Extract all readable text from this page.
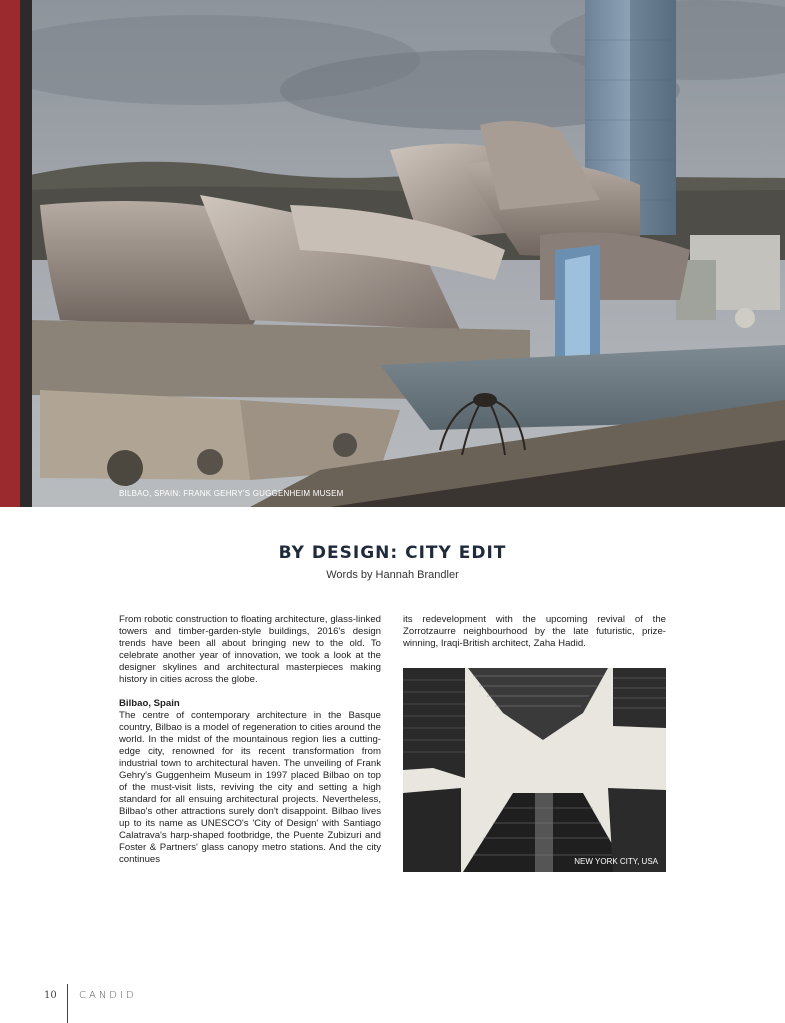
BILBAO, SPAIN: FRANK GEHRY'S GUGGENHEIM MUSEM
BY DESIGN: CITY EDIT
Words by Hannah Brandler

From robotic construction to floating architecture, glass-linked towers and timber-garden-style buildings, 2016's design trends have been all about bringing new to the old. To celebrate another year of innovation, we took a look at the designer skylines and architectural masterpieces making history in cities across the globe.

Bilbao, Spain

The centre of contemporary architecture in the Basque country, Bilbao is a model of regeneration to cities around the world. In the midst of the mountainous region lies a cutting-edge city, renowned for its recent transformation from industrial town to architectural haven. The unveiling of Frank Gehry's Guggenheim Museum in 1997 placed Bilbao on top of the must-visit lists, reviving the city and setting a high standard for all ensuing architectural projects. Nevertheless, Bilbao's other attractions surely don't disappoint. Bilbao lives up to its name as UNESCO's 'City of Design' with Santiago Calatrava's harp-shaped footbridge, the Puente Zubizuri and Foster & Partners' glass canopy metro stations. And the city continues

its redevelopment with the upcoming revival of the Zorrotzaurre neighbourhood by the late futuristic, prize-winning, Iraqi-British architect, Zaha Hadid.

NEW YORK CITY, USA
10 CANDID
